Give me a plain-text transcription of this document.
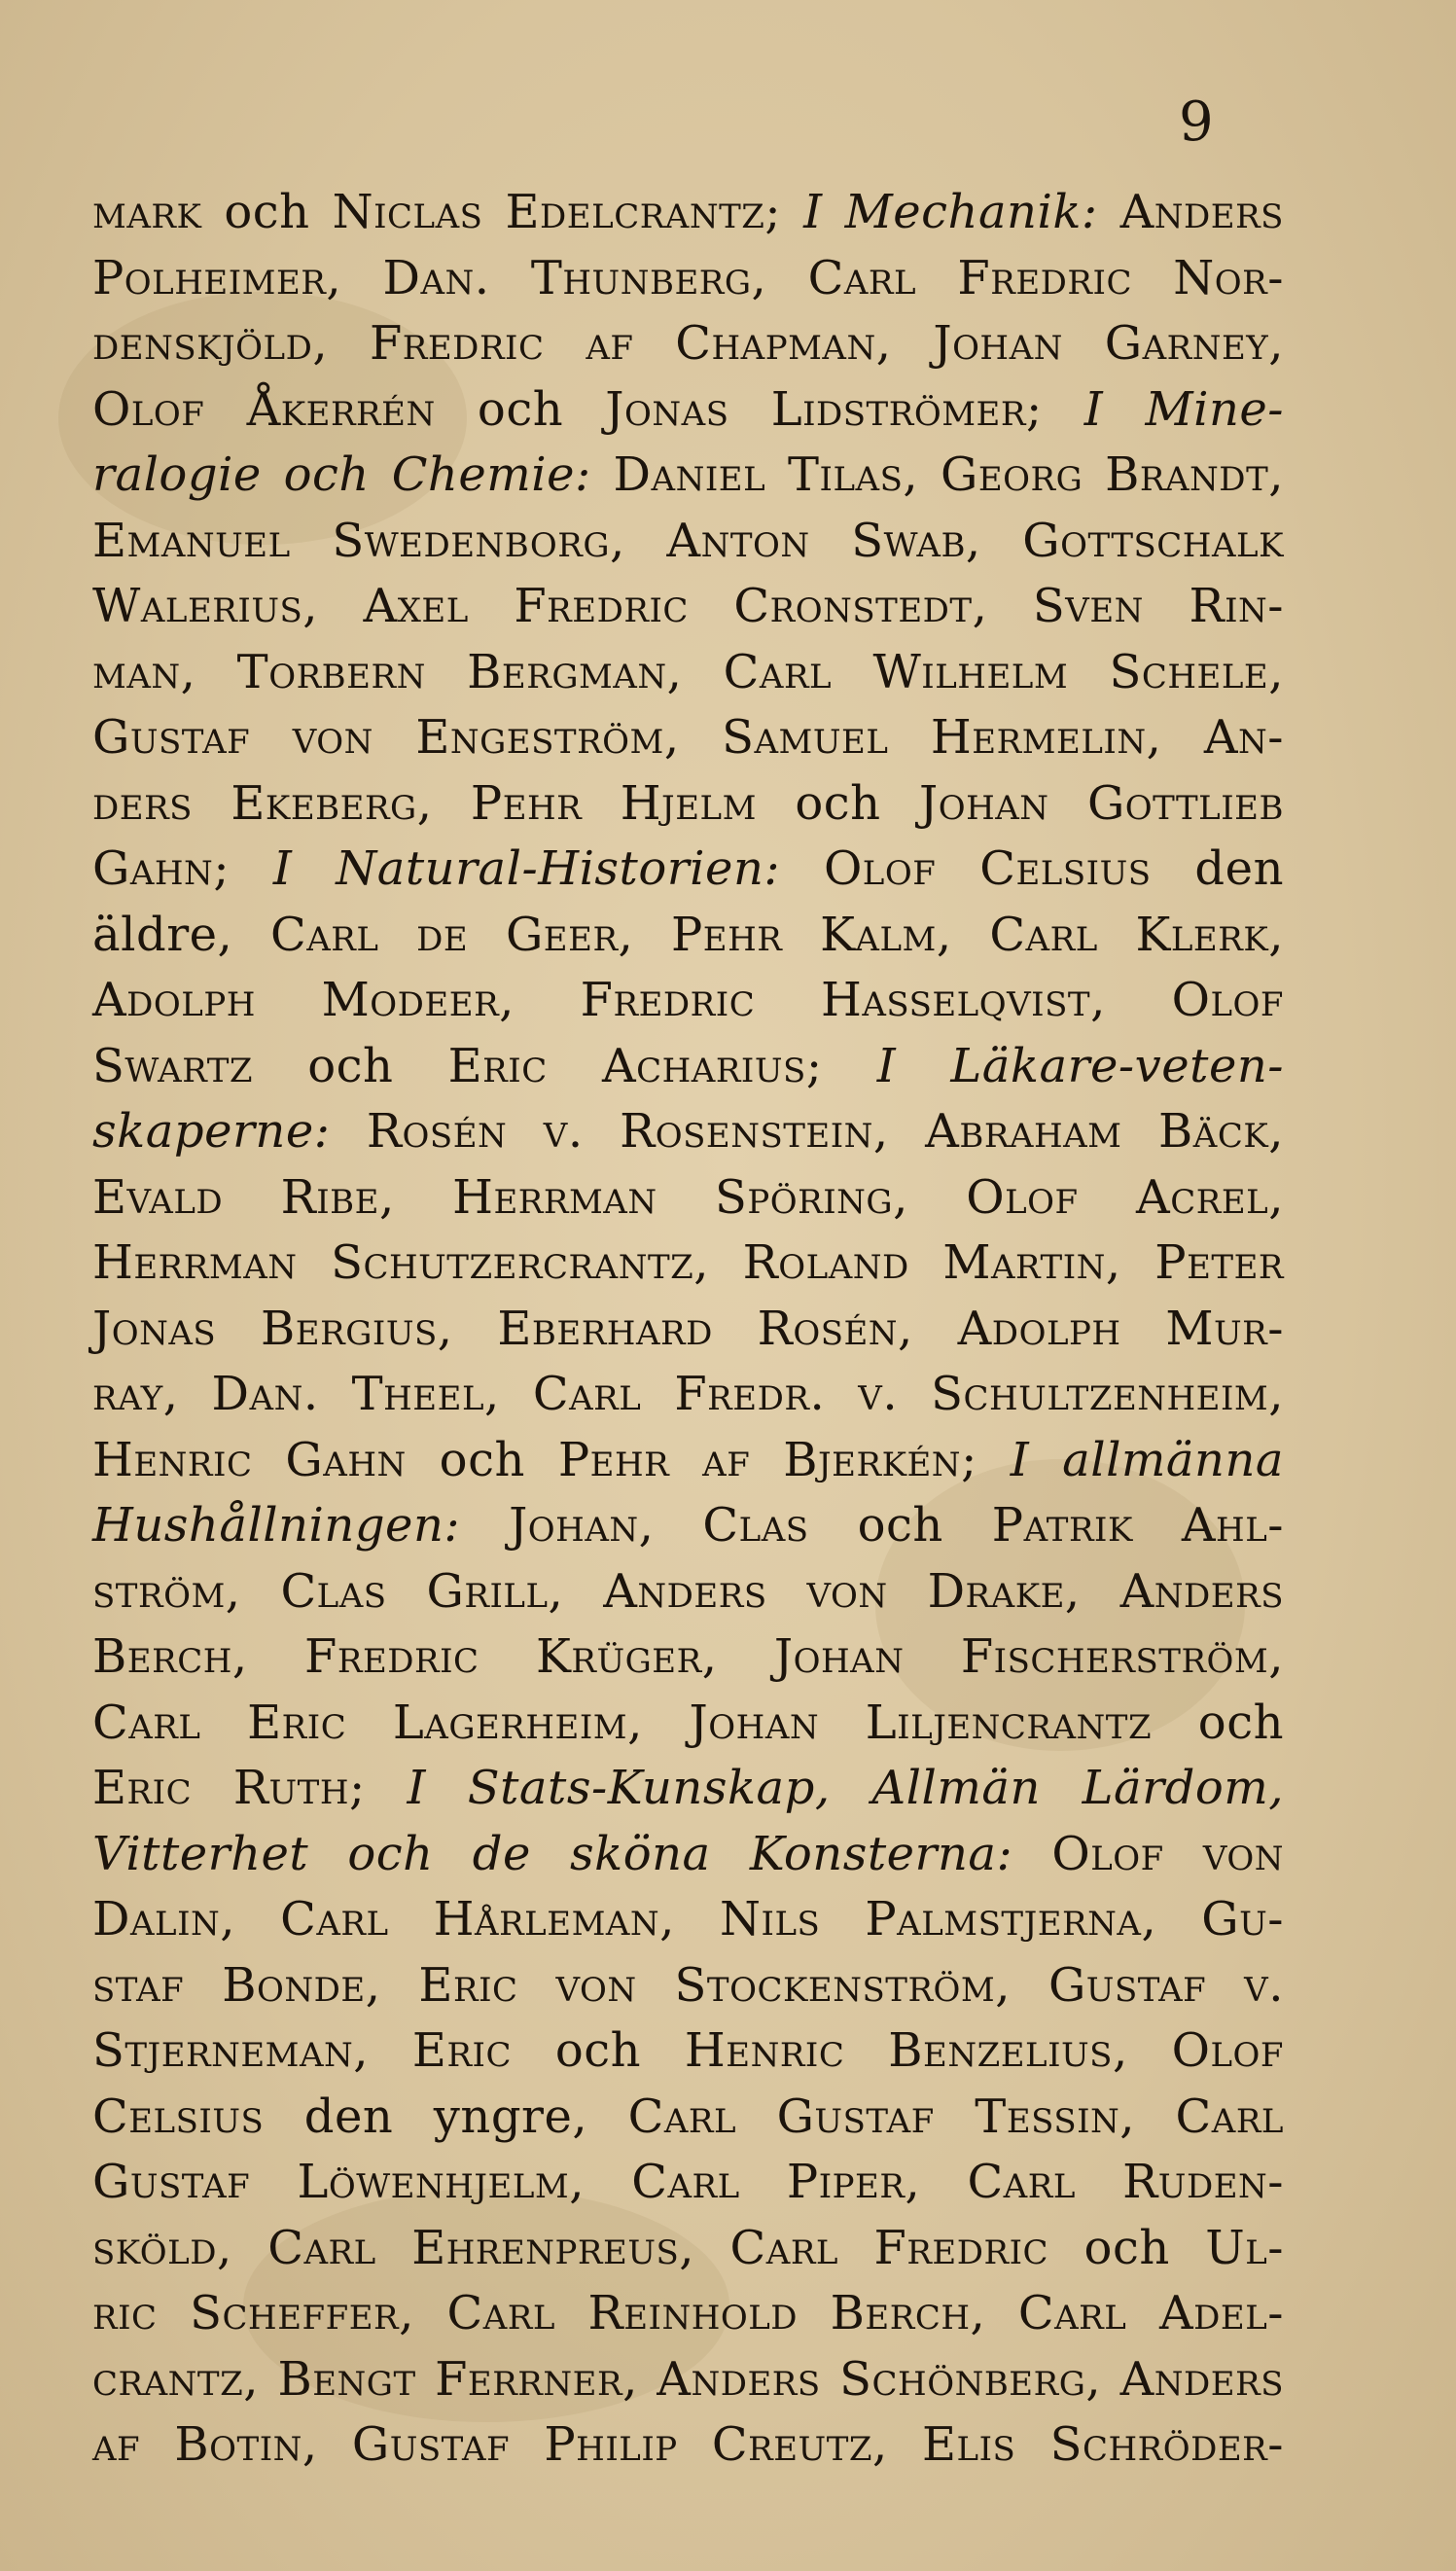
9
mark och Niclas Edelcrantz; I Mechanik: Anders
Polheimer, Dan. Thunberg, Carl Fredric Nor-
denskjöld, Fredric af Chapman, Johan Garney,
Olof Åkerrén och Jonas Lidströmer; I Mine-
ralogie och Chemie: Daniel Tilas, Georg Brandt,
Emanuel Swedenborg, Anton Swab, Gottschalk
Walerius, Axel Fredric Cronstedt, Sven Rin-
man, Torbern Bergman, Carl Wilhelm Schele,
Gustaf von Engeström, Samuel Hermelin, An-
ders Ekeberg, Pehr Hjelm och Johan Gottlieb
Gahn; I Natural-Historien: Olof Celsius den
äldre, Carl de Geer, Pehr Kalm, Carl Klerk,
Adolph Modeer, Fredric Hasselqvist, Olof
Swartz och Eric Acharius; I Läkare-veten-
skaperne: Rosén v. Rosenstein, Abraham Bäck,
Evald Ribe, Herrman Spöring, Olof Acrel,
Herrman Schutzercrantz, Roland Martin, Peter
Jonas Bergius, Eberhard Rosén, Adolph Mur-
ray, Dan. Theel, Carl Fredr. v. Schultzenheim,
Henric Gahn och Pehr af Bjerkén; I allmänna
Hushållningen: Johan, Clas och Patrik Ahl-
ström, Clas Grill, Anders von Drake, Anders
Berch, Fredric Krüger, Johan Fischerström,
Carl Eric Lagerheim, Johan Liljencrantz och
Eric Ruth; I Stats-Kunskap, Allmän Lärdom,
Vitterhet och de sköna Konsterna: Olof von
Dalin, Carl Hårleman, Nils Palmstjerna, Gu-
staf Bonde, Eric von Stockenström, Gustaf v.
Stjerneman, Eric och Henric Benzelius, Olof
Celsius den yngre, Carl Gustaf Tessin, Carl
Gustaf Löwenhjelm, Carl Piper, Carl Ruden-
sköld, Carl Ehrenpreus, Carl Fredric och Ul-
ric Scheffer, Carl Reinhold Berch, Carl Adel-
crantz, Bengt Ferrner, Anders Schönberg, Anders
af Botin, Gustaf Philip Creutz, Elis Schröder-
